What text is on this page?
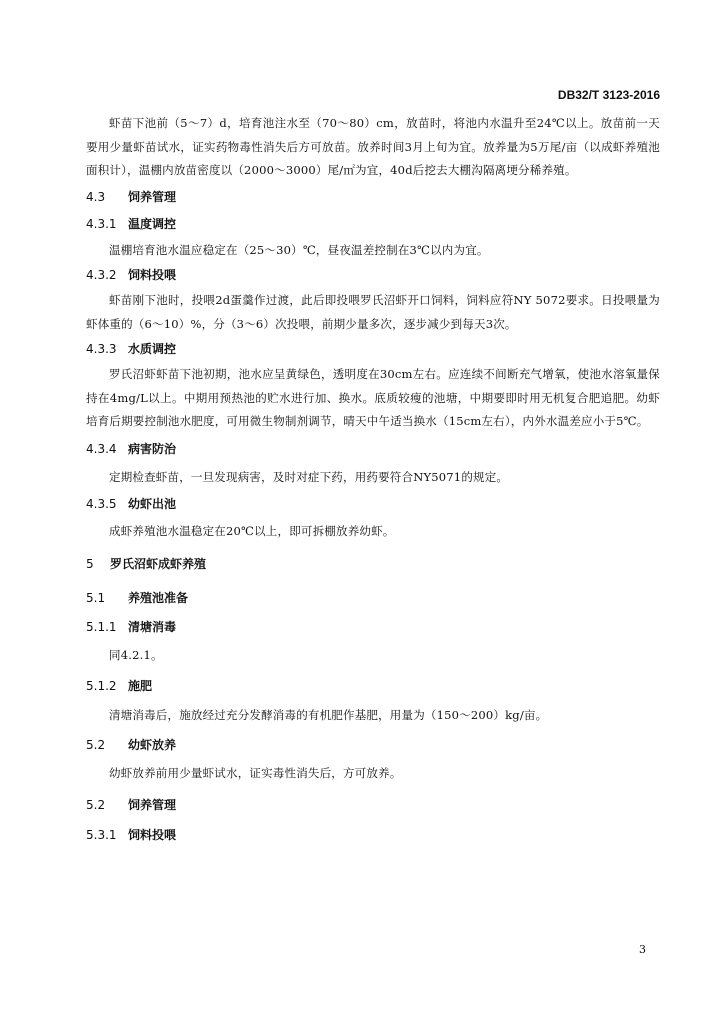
DB32/T 3123-2016

虾苗下池前（5～7）d，培育池注水至（70～80）cm，放苗时，将池内水温升至24℃以上。放苗前一天要用少量虾苗试水，证实药物毒性消失后方可放苗。放养时间3月上旬为宜。放养量为5万尾/亩（以成虾养殖池面积计），温棚内放苗密度以（2000～3000）尾/㎡为宜，40d后挖去大棚沟隔离埂分稀养殖。

4.3 饲养管理
4.3.1 温度调控

温棚培育池水温应稳定在（25～30）℃，昼夜温差控制在3℃以内为宜。

4.3.2 饲料投喂

虾苗刚下池时，投喂2d蛋羹作过渡，此后即投喂罗氏沼虾开口饲料，饲料应符NY 5072要求。日投喂量为虾体重的（6～10）%，分（3～6）次投喂，前期少量多次，逐步减少到每天3次。

4.3.3 水质调控

罗氏沼虾虾苗下池初期，池水应呈黄绿色，透明度在30cm左右。应连续不间断充气增氧，使池水溶氧量保持在4mg/L以上。中期用预热池的贮水进行加、换水。底质较瘦的池塘，中期要即时用无机复合肥追肥。幼虾培育后期要控制池水肥度，可用微生物制剂调节，晴天中午适当换水（15cm左右），内外水温差应小于5℃。

4.3.4 病害防治

定期检查虾苗，一旦发现病害，及时对症下药，用药要符合NY5071的规定。

4.3.5 幼虾出池

成虾养殖池水温稳定在20℃以上，即可拆棚放养幼虾。

5 罗氏沼虾成虾养殖
5.1 养殖池准备
5.1.1 清塘消毒

同4.2.1。

5.1.2 施肥

清塘消毒后，施放经过充分发酵消毒的有机肥作基肥，用量为（150～200）kg/亩。

5.2 幼虾放养

幼虾放养前用少量虾试水，证实毒性消失后，方可放养。

5.2 饲养管理
5.3.1 饲料投喂
3
